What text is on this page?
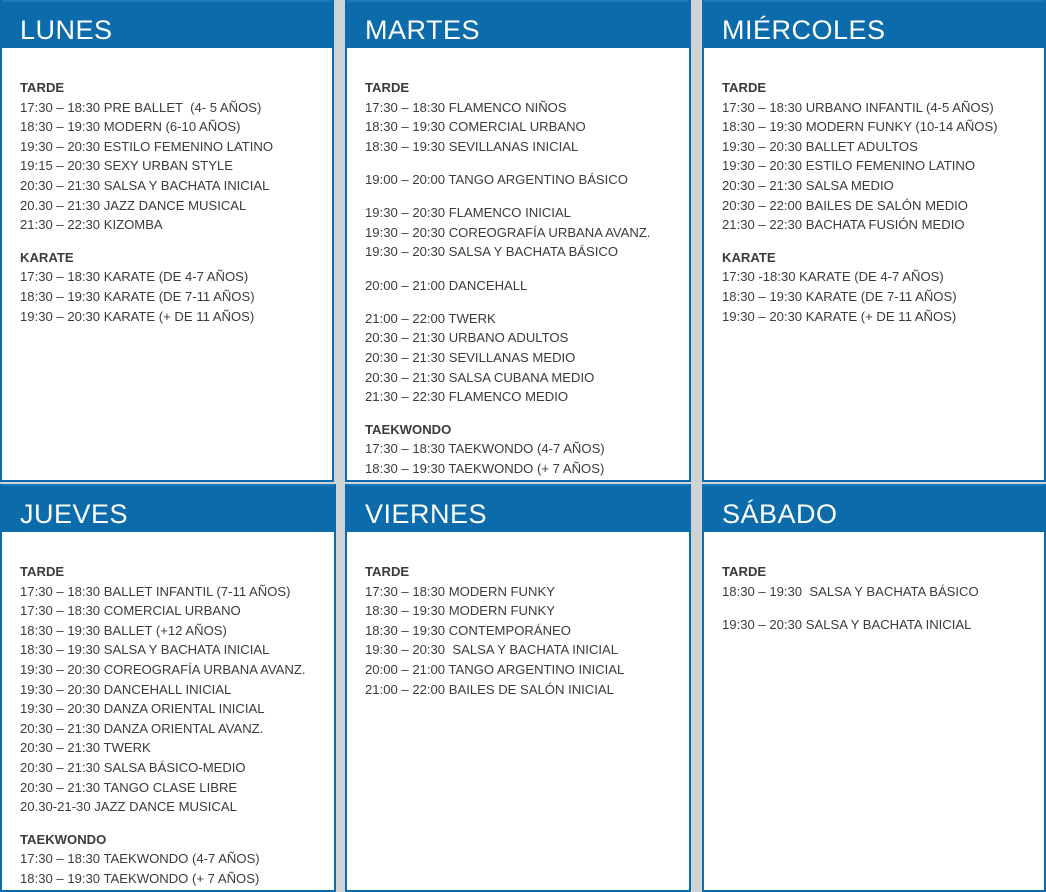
LUNES
TARDE
17:30 – 18:30 PRE BALLET  (4- 5 AÑOS)
18:30 – 19:30 MODERN (6-10 AÑOS)
19:30 – 20:30 ESTILO FEMENINO LATINO
19:15 – 20:30 SEXY URBAN STYLE
20:30 – 21:30 SALSA Y BACHATA INICIAL
20.30 – 21:30 JAZZ DANCE MUSICAL
21:30 – 22:30 KIZOMBA
KARATE
17:30 – 18:30 KARATE (DE 4-7 AÑOS)
18:30 – 19:30 KARATE (DE 7-11 AÑOS)
19:30 – 20:30 KARATE (+ DE 11 AÑOS)
MARTES
TARDE
17:30 – 18:30 FLAMENCO NIÑOS
18:30 – 19:30 COMERCIAL URBANO
18:30 – 19:30 SEVILLANAS INICIAL
19:00 – 20:00 TANGO ARGENTINO BÁSICO
19:30 – 20:30 FLAMENCO INICIAL
19:30 – 20:30 COREOGRAFÍA URBANA AVANZ.
19:30 – 20:30 SALSA Y BACHATA BÁSICO
20:00 – 21:00 DANCEHALL
21:00 – 22:00 TWERK
20:30 – 21:30 URBANO ADULTOS
20:30 – 21:30 SEVILLANAS MEDIO
20:30 – 21:30 SALSA CUBANA MEDIO
21:30 – 22:30 FLAMENCO MEDIO
TAEKWONDO
17:30 – 18:30 TAEKWONDO (4-7 AÑOS)
18:30 – 19:30 TAEKWONDO (+ 7 AÑOS)
MIÉRCOLES
TARDE
17:30 – 18:30 URBANO INFANTIL (4-5 AÑOS)
18:30 – 19:30 MODERN FUNKY (10-14 AÑOS)
19:30 – 20:30 BALLET ADULTOS
19:30 – 20:30 ESTILO FEMENINO LATINO
20:30 – 21:30 SALSA MEDIO
20:30 – 22:00 BAILES DE SALÓN MEDIO
21:30 – 22:30 BACHATA FUSIÓN MEDIO
KARATE
17:30 -18:30 KARATE (DE 4-7 AÑOS)
18:30 – 19:30 KARATE (DE 7-11 AÑOS)
19:30 – 20:30 KARATE (+ DE 11 AÑOS)
JUEVES
TARDE
17:30 – 18:30 BALLET INFANTIL (7-11 AÑOS)
17:30 – 18:30 COMERCIAL URBANO
18:30 – 19:30 BALLET (+12 AÑOS)
18:30 – 19:30 SALSA Y BACHATA INICIAL
19:30 – 20:30 COREOGRAFÍA URBANA AVANZ.
19:30 – 20:30 DANCEHALL INICIAL
19:30 – 20:30 DANZA ORIENTAL INICIAL
20:30 – 21:30 DANZA ORIENTAL AVANZ.
20:30 – 21:30 TWERK
20:30 – 21:30 SALSA BÁSICO-MEDIO
20:30 – 21:30 TANGO CLASE LIBRE
20.30-21-30 JAZZ DANCE MUSICAL
TAEKWONDO
17:30 – 18:30 TAEKWONDO (4-7 AÑOS)
18:30 – 19:30 TAEKWONDO (+ 7 AÑOS)
VIERNES
TARDE
17:30 – 18:30 MODERN FUNKY
18:30 – 19:30 MODERN FUNKY
18:30 – 19:30 CONTEMPORÁNEO
19:30 – 20:30  SALSA Y BACHATA INICIAL
20:00 – 21:00 TANGO ARGENTINO INICIAL
21:00 – 22:00 BAILES DE SALÓN INICIAL
SÁBADO
TARDE
18:30 – 19:30  SALSA Y BACHATA BÁSICO
19:30 – 20:30 SALSA Y BACHATA INICIAL
